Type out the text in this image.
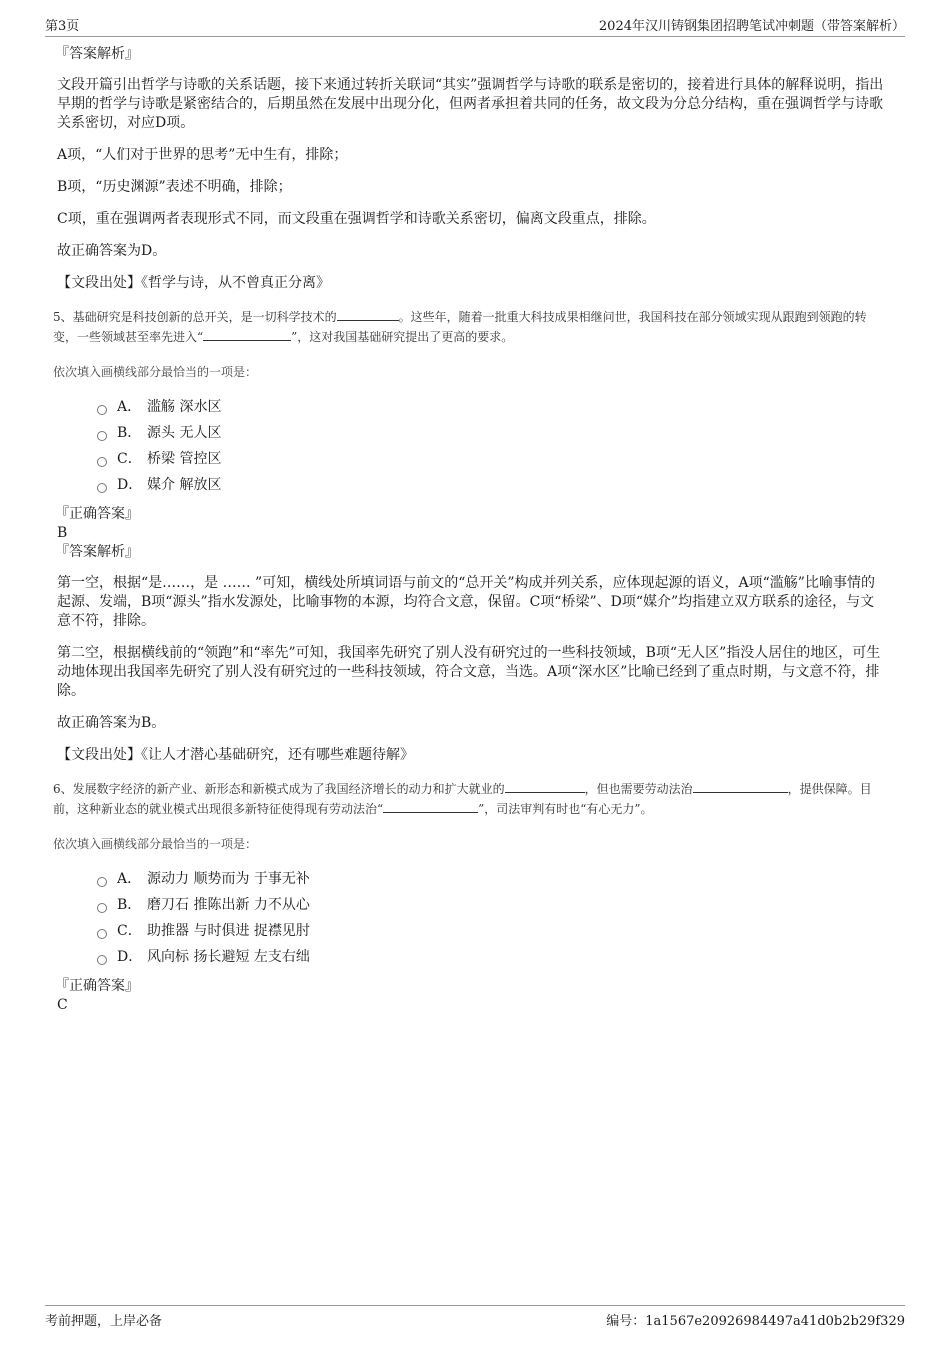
第3页	2024年汉川铸钢集团招聘笔试冲刺题（带答案解析）

『答案解析』

文段开篇引出哲学与诗歌的关系话题，接下来通过转折关联词“其实”强调哲学与诗歌的联系是密切的，接着进行具体的解释说明，指出早期的哲学与诗歌是紧密结合的，后期虽然在发展中出现分化，但两者承担着共同的任务，故文段为分总分结构，重在强调哲学与诗歌关系密切，对应D项。

A项，“人们对于世界的思考”无中生有，排除；

B项，“历史渊源”表述不明确，排除；

C项，重在强调两者表现形式不同，而文段重在强调哲学和诗歌关系密切，偏离文段重点，排除。

故正确答案为D。

【文段出处】《哲学与诗，从不曾真正分离》

5、基础研究是科技创新的总开关，是一切科学技术的	。这些年，随着一批重大科技成果相继问世，我国科技在部分领域实现从跟跑到领跑的转变，一些领域甚至率先进入“	”，这对我国基础研究提出了更高的要求。

依次填入画横线部分最恰当的一项是：

A． 滥觞 深水区
B． 源头 无人区
C． 桥梁 管控区
D． 媒介 解放区

『正确答案』

B

『答案解析』

第一空，根据“是……，是 …… ”可知，横线处所填词语与前文的“总开关”构成并列关系，应体现起源的语义，A项“滥觞”比喻事情的起源、发端，B项“源头”指水发源处，比喻事物的本源，均符合文意，保留。C项“桥梁”、D项“媒介”均指建立双方联系的途径，与文意不符，排除。

第二空，根据横线前的“领跑”和“率先”可知，我国率先研究了别人没有研究过的一些科技领域，B项“无人区”指没人居住的地区，可生动地体现出我国率先研究了别人没有研究过的一些科技领域，符合文意，当选。A项“深水区”比喻已经到了重点时期，与文意不符，排除。

故正确答案为B。

【文段出处】《让人才潜心基础研究，还有哪些难题待解》

6、发展数字经济的新产业、新形态和新模式成为了我国经济增长的动力和扩大就业的	，但也需要劳动法治	，提供保障。目前，这种新业态的就业模式出现很多新特征使得现有劳动法治“	”，司法审判有时也“有心无力”。

依次填入画横线部分最恰当的一项是：

A． 源动力 顺势而为 于事无补
B． 磨刀石 推陈出新 力不从心
C． 助推器 与时俱进 捉襟见肘
D． 风向标 扬长避短 左支右绌

『正确答案』

C

考前押题，上岸必备	编号：1a1567e20926984497a41d0b2b29f329
